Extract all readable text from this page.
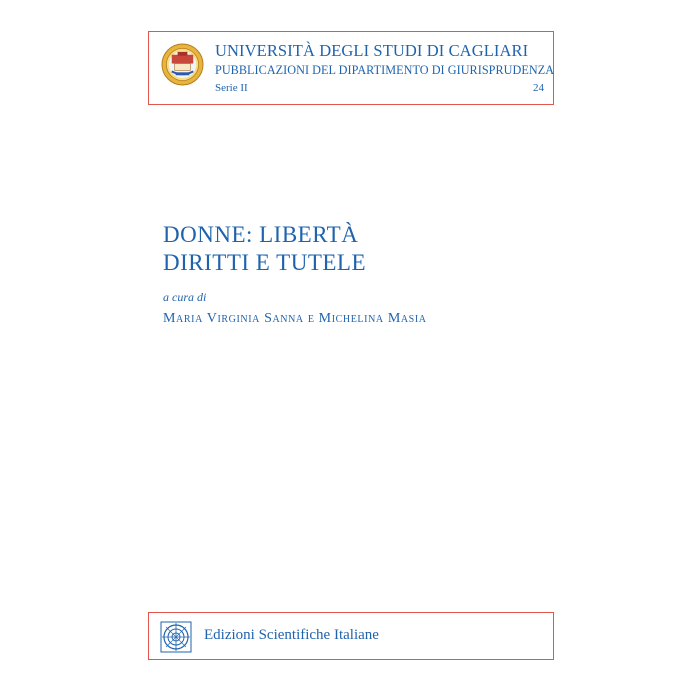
UNIVERSITÀ DEGLI STUDI DI CAGLIARI
PUBBLICAZIONI DEL DIPARTIMENTO DI GIURISPRUDENZA
Serie II	24
DONNE: LIBERTÀ
DIRITTI E TUTELE
a cura di
Maria Virginia Sanna e Michelina Masia
Edizioni Scientifiche Italiane
